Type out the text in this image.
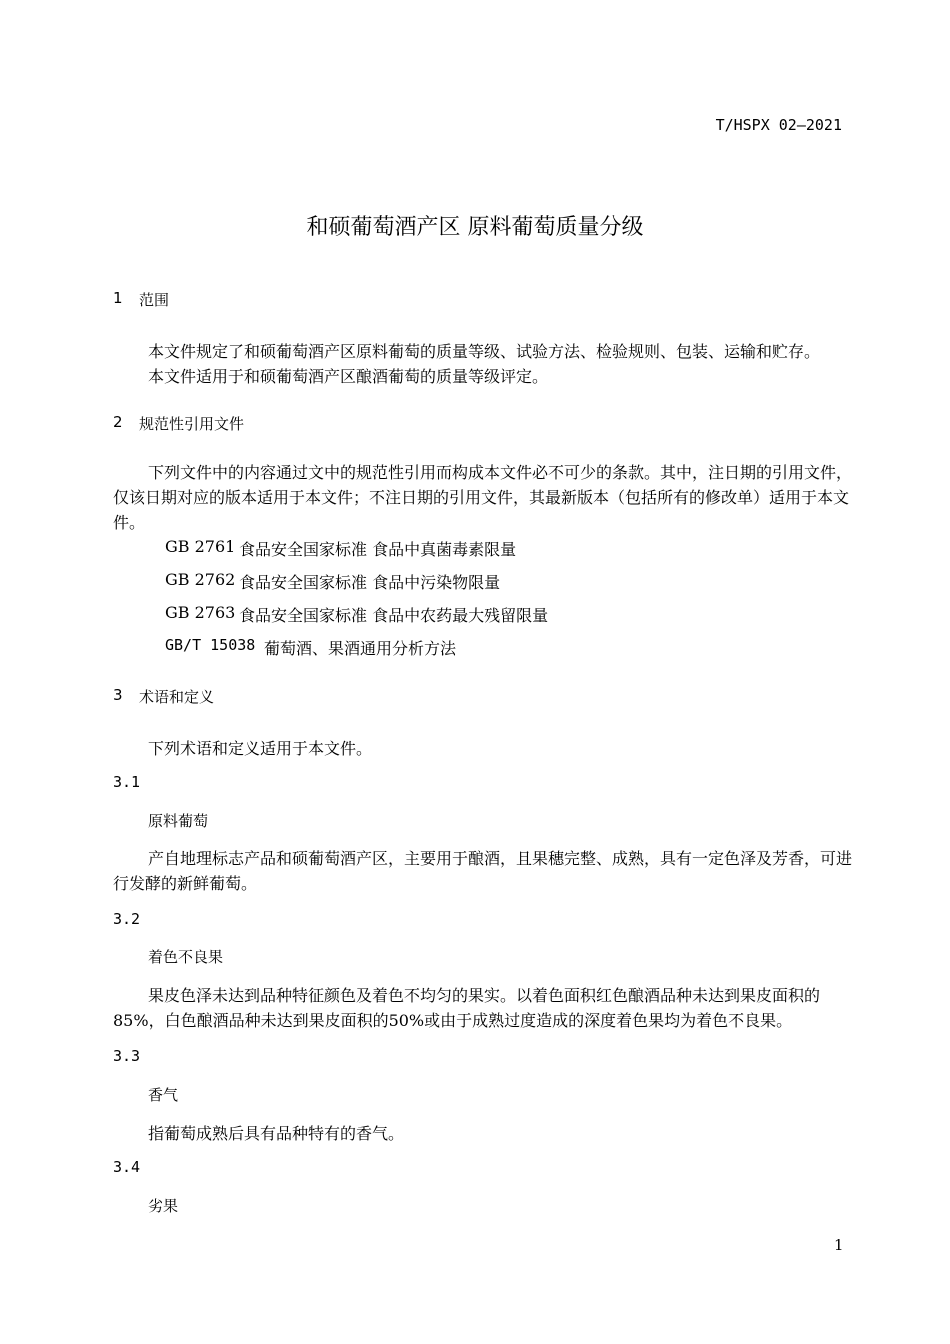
T/HSPX 02—2021
和硕葡萄酒产区 原料葡萄质量分级
1 范围
本文件规定了和硕葡萄酒产区原料葡萄的质量等级、试验方法、检验规则、包装、运输和贮存。
本文件适用于和硕葡萄酒产区酿酒葡萄的质量等级评定。
2 规范性引用文件
下列文件中的内容通过文中的规范性引用而构成本文件必不可少的条款。其中，注日期的引用文件，仅该日期对应的版本适用于本文件；不注日期的引用文件，其最新版本（包括所有的修改单）适用于本文件。
GB 2761 食品安全国家标准 食品中真菌毒素限量
GB 2762 食品安全国家标准 食品中污染物限量
GB 2763 食品安全国家标准 食品中农药最大残留限量
GB/T 15038 葡萄酒、果酒通用分析方法
3 术语和定义
下列术语和定义适用于本文件。
3.1
原料葡萄
产自地理标志产品和硕葡萄酒产区，主要用于酿酒，且果穗完整、成熟，具有一定色泽及芳香，可进行发酵的新鲜葡萄。
3.2
着色不良果
果皮色泽未达到品种特征颜色及着色不均匀的果实。以着色面积红色酿酒品种未达到果皮面积的85%，白色酿酒品种未达到果皮面积的50%或由于成熟过度造成的深度着色果均为着色不良果。
3.3
香气
指葡萄成熟后具有品种特有的香气。
3.4
劣果
1
